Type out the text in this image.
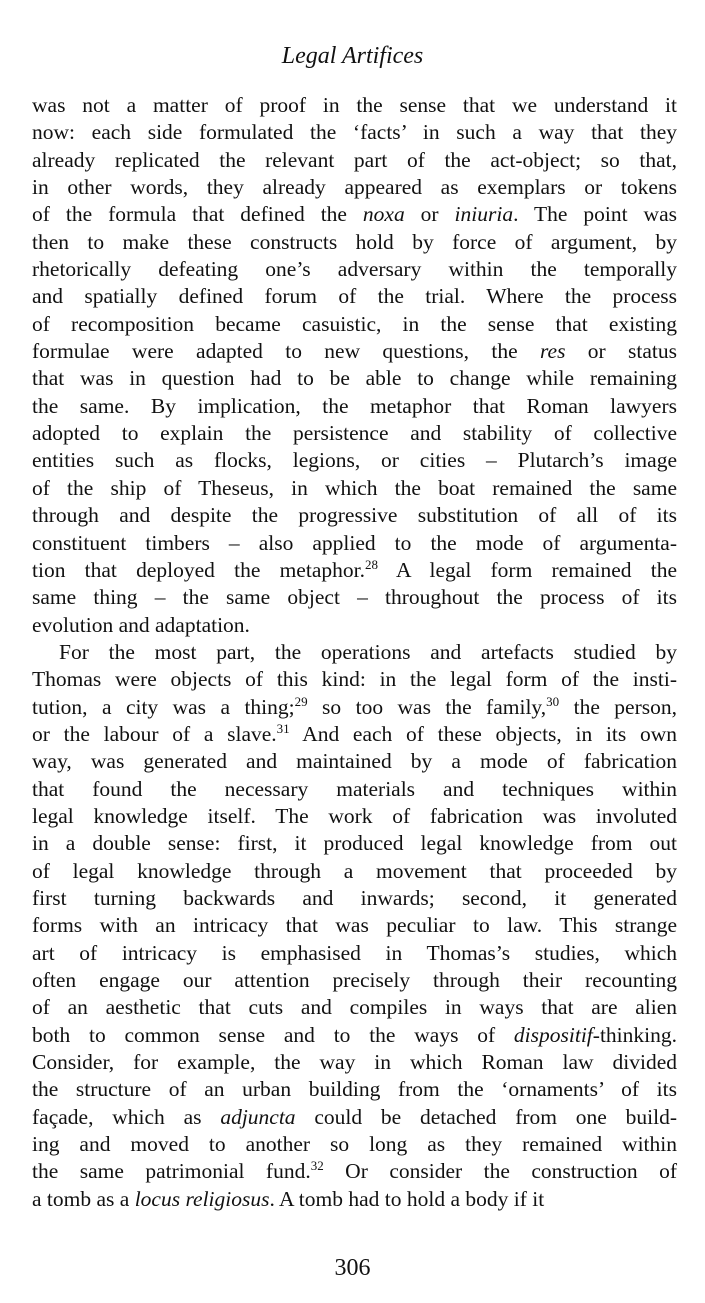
Legal Artifices
was not a matter of proof in the sense that we understand it
now: each side formulated the ‘facts’ in such a way that they
already replicated the relevant part of the act-object; so that,
in other words, they already appeared as exemplars or tokens
of the formula that defined the noxa or iniuria. The point was
then to make these constructs hold by force of argument, by
rhetorically defeating one’s adversary within the temporally
and spatially defined forum of the trial. Where the process
of recomposition became casuistic, in the sense that existing
formulae were adapted to new questions, the res or status
that was in question had to be able to change while remaining
the same. By implication, the metaphor that Roman lawyers
adopted to explain the persistence and stability of collective
entities such as flocks, legions, or cities – Plutarch’s image
of the ship of Theseus, in which the boat remained the same
through and despite the progressive substitution of all of its
constituent timbers – also applied to the mode of argumenta-
tion that deployed the metaphor.$^{28}$ A legal form remained the
same thing – the same object – throughout the process of its
evolution and adaptation.
For the most part, the operations and artefacts studied by
Thomas were objects of this kind: in the legal form of the insti-
tution, a city was a thing;$^{29}$ so too was the family,$^{30}$ the person,
or the labour of a slave.$^{31}$ And each of these objects, in its own
way, was generated and maintained by a mode of fabrication
that found the necessary materials and techniques within
legal knowledge itself. The work of fabrication was involuted
in a double sense: first, it produced legal knowledge from out
of legal knowledge through a movement that proceeded by
first turning backwards and inwards; second, it generated
forms with an intricacy that was peculiar to law. This strange
art of intricacy is emphasised in Thomas’s studies, which
often engage our attention precisely through their recounting
of an aesthetic that cuts and compiles in ways that are alien
both to common sense and to the ways of dispositif-thinking.
Consider, for example, the way in which Roman law divided
the structure of an urban building from the ‘ornaments’ of its
façade, which as adjuncta could be detached from one build-
ing and moved to another so long as they remained within
the same patrimonial fund.$^{32}$ Or consider the construction of
a tomb as a locus religiosus. A tomb had to hold a body if it
306
